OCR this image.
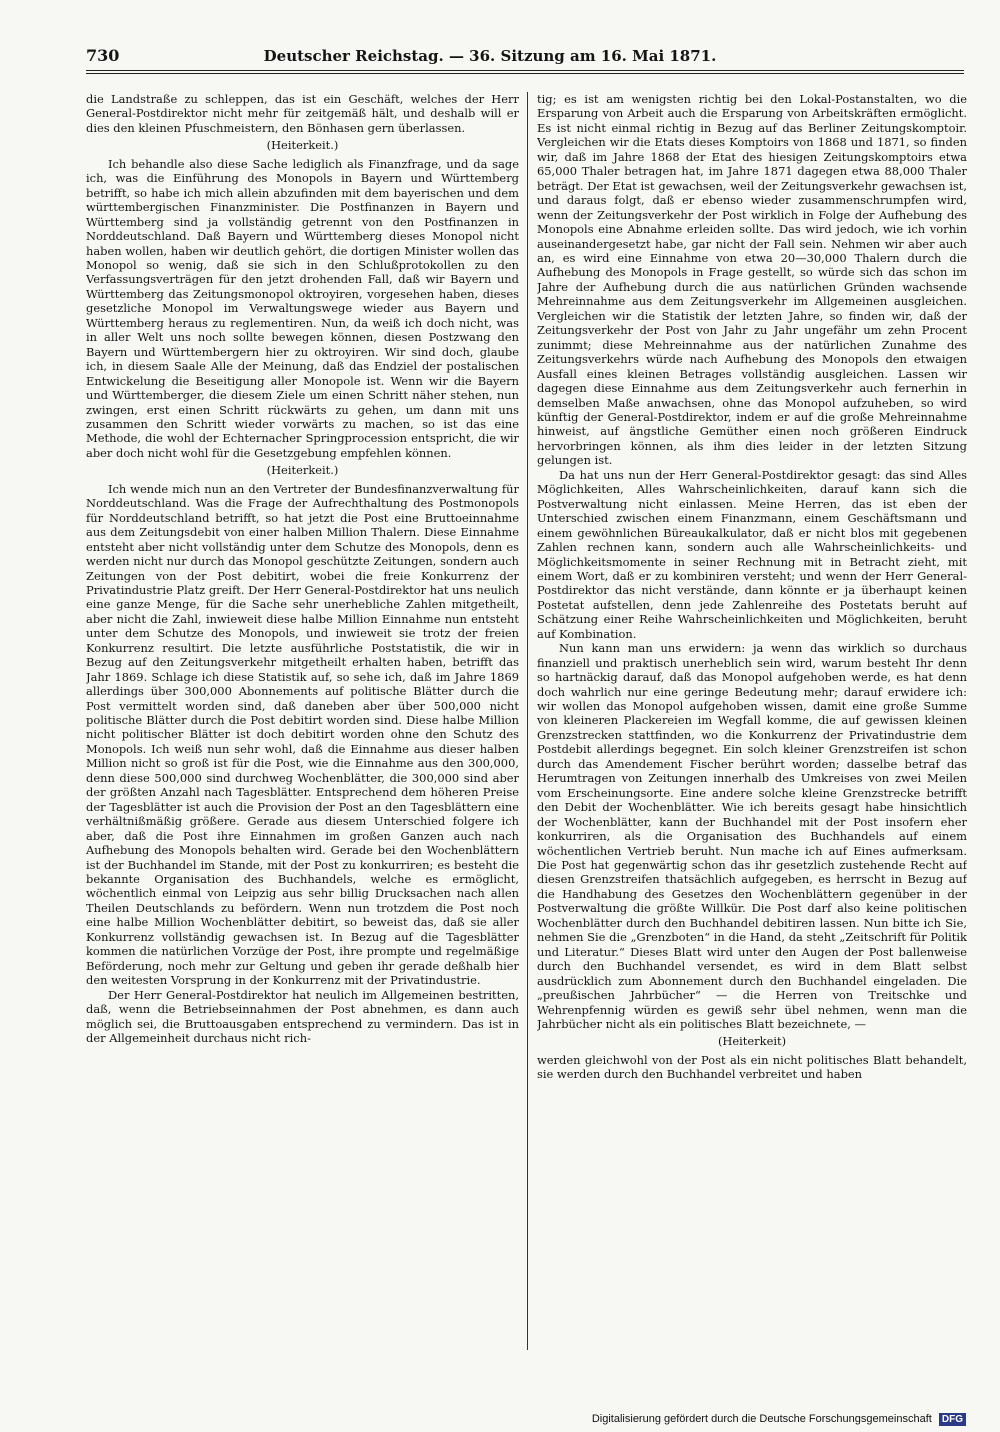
730	Deutscher Reichstag. — 36. Sitzung am 16. Mai 1871.

die Landstraße zu schleppen, das ist ein Geschäft, welches der Herr General-Postdirektor nicht mehr für zeitgemäß hält, und deshalb will er dies den kleinen Pfuschmeistern, den Bönhasen gern überlassen.

(Heiterkeit.)

Ich behandle also diese Sache lediglich als Finanzfrage, und da sage ich, was die Einführung des Monopols in Bayern und Württemberg betrifft, so habe ich mich allein abzufinden mit dem bayerischen und dem württembergischen Finanzminister. Die Postfinanzen in Bayern und Württemberg sind ja vollständig getrennt von den Postfinanzen in Norddeutschland. Daß Bayern und Württemberg dieses Monopol nicht haben wollen, haben wir deutlich gehört, die dortigen Minister wollen das Monopol so wenig, daß sie sich in den Schlußprotokollen zu den Verfassungsverträgen für den jetzt drohenden Fall, daß wir Bayern und Württemberg das Zeitungsmonopol oktroyiren, vorgesehen haben, dieses gesetzliche Monopol im Verwaltungswege wieder aus Bayern und Württemberg heraus zu reglementiren. Nun, da weiß ich doch nicht, was in aller Welt uns noch sollte bewegen können, diesen Postzwang den Bayern und Württembergern hier zu oktroyiren. Wir sind doch, glaube ich, in diesem Saale Alle der Meinung, daß das Endziel der postalischen Entwickelung die Beseitigung aller Monopole ist. Wenn wir die Bayern und Württemberger, die diesem Ziele um einen Schritt näher stehen, nun zwingen, erst einen Schritt rückwärts zu gehen, um dann mit uns zusammen den Schritt wieder vorwärts zu machen, so ist das eine Methode, die wohl der Echternacher Springprocession entspricht, die wir aber doch nicht wohl für die Gesetzgebung empfehlen können.

(Heiterkeit.)

Ich wende mich nun an den Vertreter der Bundesfinanzverwaltung für Norddeutschland. Was die Frage der Aufrechthaltung des Postmonopols für Norddeutschland betrifft, so hat jetzt die Post eine Bruttoeinnahme aus dem Zeitungsdebit von einer halben Million Thalern. Diese Einnahme entsteht aber nicht vollständig unter dem Schutze des Monopols, denn es werden nicht nur durch das Monopol geschützte Zeitungen, sondern auch Zeitungen von der Post debitirt, wobei die freie Konkurrenz der Privatindustrie Platz greift. Der Herr General-Postdirektor hat uns neulich eine ganze Menge, für die Sache sehr unerhebliche Zahlen mitgetheilt, aber nicht die Zahl, inwieweit diese halbe Million Einnahme nun entsteht unter dem Schutze des Monopols, und inwieweit sie trotz der freien Konkurrenz resultirt. Die letzte ausführliche Poststatistik, die wir in Bezug auf den Zeitungsverkehr mitgetheilt erhalten haben, betrifft das Jahr 1869. Schlage ich diese Statistik auf, so sehe ich, daß im Jahre 1869 allerdings über 300,000 Abonnements auf politische Blätter durch die Post vermittelt worden sind, daß daneben aber über 500,000 nicht politische Blätter durch die Post debitirt worden sind. Diese halbe Million nicht politischer Blätter ist doch debitirt worden ohne den Schutz des Monopols. Ich weiß nun sehr wohl, daß die Einnahme aus dieser halben Million nicht so groß ist für die Post, wie die Einnahme aus den 300,000, denn diese 500,000 sind durchweg Wochenblätter, die 300,000 sind aber der größten Anzahl nach Tagesblätter. Entsprechend dem höheren Preise der Tagesblätter ist auch die Provision der Post an den Tagesblättern eine verhältnißmäßig größere. Gerade aus diesem Unterschied folgere ich aber, daß die Post ihre Einnahmen im großen Ganzen auch nach Aufhebung des Monopols behalten wird. Gerade bei den Wochenblättern ist der Buchhandel im Stande, mit der Post zu konkurriren; es besteht die bekannte Organisation des Buchhandels, welche es ermöglicht, wöchentlich einmal von Leipzig aus sehr billig Drucksachen nach allen Theilen Deutschlands zu befördern. Wenn nun trotzdem die Post noch eine halbe Million Wochenblätter debitirt, so beweist das, daß sie aller Konkurrenz vollständig gewachsen ist. In Bezug auf die Tagesblätter kommen die natürlichen Vorzüge der Post, ihre prompte und regelmäßige Beförderung, noch mehr zur Geltung und geben ihr gerade deßhalb hier den weitesten Vorsprung in der Konkurrenz mit der Privatindustrie.

Der Herr General-Postdirektor hat neulich im Allgemeinen bestritten, daß, wenn die Betriebseinnahmen der Post abnehmen, es dann auch möglich sei, die Bruttoausgaben entsprechend zu vermindern. Das ist in der Allgemeinheit durchaus nicht rich-

tig; es ist am wenigsten richtig bei den Lokal-Postanstalten, wo die Ersparung von Arbeit auch die Ersparung von Arbeitskräften ermöglicht. Es ist nicht einmal richtig in Bezug auf das Berliner Zeitungskomptoir. Vergleichen wir die Etats dieses Komptoirs von 1868 und 1871, so finden wir, daß im Jahre 1868 der Etat des hiesigen Zeitungskomptoirs etwa 65,000 Thaler betragen hat, im Jahre 1871 dagegen etwa 88,000 Thaler beträgt. Der Etat ist gewachsen, weil der Zeitungsverkehr gewachsen ist, und daraus folgt, daß er ebenso wieder zusammenschrumpfen wird, wenn der Zeitungsverkehr der Post wirklich in Folge der Aufhebung des Monopols eine Abnahme erleiden sollte. Das wird jedoch, wie ich vorhin auseinandergesetzt habe, gar nicht der Fall sein. Nehmen wir aber auch an, es wird eine Einnahme von etwa 20—30,000 Thalern durch die Aufhebung des Monopols in Frage gestellt, so würde sich das schon im Jahre der Aufhebung durch die aus natürlichen Gründen wachsende Mehreinnahme aus dem Zeitungsverkehr im Allgemeinen ausgleichen. Vergleichen wir die Statistik der letzten Jahre, so finden wir, daß der Zeitungsverkehr der Post von Jahr zu Jahr ungefähr um zehn Procent zunimmt; diese Mehreinnahme aus der natürlichen Zunahme des Zeitungsverkehrs würde nach Aufhebung des Monopols den etwaigen Ausfall eines kleinen Betrages vollständig ausgleichen. Lassen wir dagegen diese Einnahme aus dem Zeitungsverkehr auch fernerhin in demselben Maße anwachsen, ohne das Monopol aufzuheben, so wird künftig der General-Postdirektor, indem er auf die große Mehreinnahme hinweist, auf ängstliche Gemüther einen noch größeren Eindruck hervorbringen können, als ihm dies leider in der letzten Sitzung gelungen ist.

Da hat uns nun der Herr General-Postdirektor gesagt: das sind Alles Möglichkeiten, Alles Wahrscheinlichkeiten, darauf kann sich die Postverwaltung nicht einlassen. Meine Herren, das ist eben der Unterschied zwischen einem Finanzmann, einem Geschäftsmann und einem gewöhnlichen Büreaukalkulator, daß er nicht blos mit gegebenen Zahlen rechnen kann, sondern auch alle Wahrscheinlichkeits- und Möglichkeitsmomente in seiner Rechnung mit in Betracht zieht, mit einem Wort, daß er zu kombiniren versteht; und wenn der Herr General-Postdirektor das nicht verstände, dann könnte er ja überhaupt keinen Postetat aufstellen, denn jede Zahlenreihe des Postetats beruht auf Schätzung einer Reihe Wahrscheinlichkeiten und Möglichkeiten, beruht auf Kombination.

Nun kann man uns erwidern: ja wenn das wirklich so durchaus finanziell und praktisch unerheblich sein wird, warum besteht Ihr denn so hartnäckig darauf, daß das Monopol aufgehoben werde, es hat denn doch wahrlich nur eine geringe Bedeutung mehr; darauf erwidere ich: wir wollen das Monopol aufgehoben wissen, damit eine große Summe von kleineren Plackereien im Wegfall komme, die auf gewissen kleinen Grenzstrecken stattfinden, wo die Konkurrenz der Privatindustrie dem Postdebit allerdings begegnet. Ein solch kleiner Grenzstreifen ist schon durch das Amendement Fischer berührt worden; dasselbe betraf das Herumtragen von Zeitungen innerhalb des Umkreises von zwei Meilen vom Erscheinungsorte. Eine andere solche kleine Grenzstrecke betrifft den Debit der Wochenblätter. Wie ich bereits gesagt habe hinsichtlich der Wochenblätter, kann der Buchhandel mit der Post insofern eher konkurriren, als die Organisation des Buchhandels auf einem wöchentlichen Vertrieb beruht. Nun mache ich auf Eines aufmerksam. Die Post hat gegenwärtig schon das ihr gesetzlich zustehende Recht auf diesen Grenzstreifen thatsächlich aufgegeben, es herrscht in Bezug auf die Handhabung des Gesetzes den Wochenblättern gegenüber in der Postverwaltung die größte Willkür. Die Post darf also keine politischen Wochenblätter durch den Buchhandel debitiren lassen. Nun bitte ich Sie, nehmen Sie die „Grenzboten“ in die Hand, da steht „Zeitschrift für Politik und Literatur.“ Dieses Blatt wird unter den Augen der Post ballenweise durch den Buchhandel versendet, es wird in dem Blatt selbst ausdrücklich zum Abonnement durch den Buchhandel eingeladen. Die „preußischen Jahrbücher“ — die Herren von Treitschke und Wehrenpfennig würden es gewiß sehr übel nehmen, wenn man die Jahrbücher nicht als ein politisches Blatt bezeichnete, —

(Heiterkeit)

werden gleichwohl von der Post als ein nicht politisches Blatt behandelt, sie werden durch den Buchhandel verbreitet und haben

Digitalisierung gefördert durch die Deutsche Forschungsgemeinschaft DFG
